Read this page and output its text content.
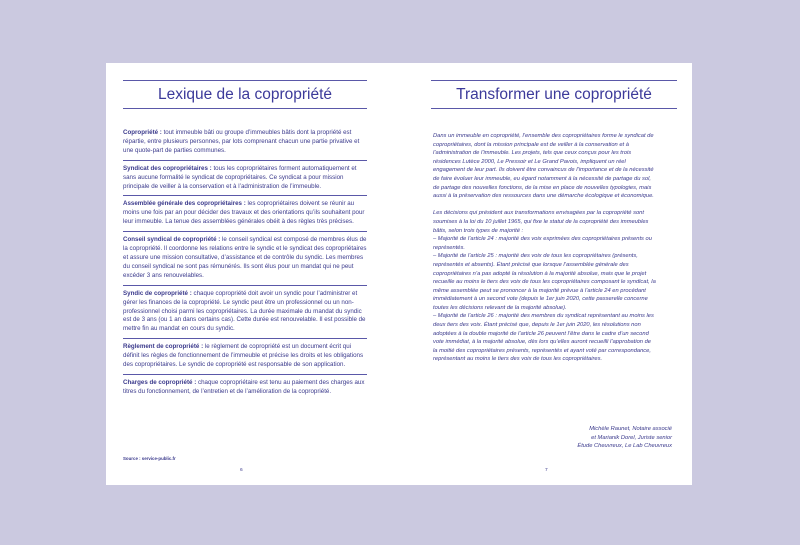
Lexique de la copropriété
Copropriété : tout immeuble bâti ou groupe d’immeubles bâtis dont la propriété est répartie, entre plusieurs personnes, par lots comprenant chacun une partie privative et une quote-part de parties communes.
Syndicat des copropriétaires : tous les copropriétaires forment automatiquement et sans aucune formalité le syndicat de copropriétaires. Ce syndicat a pour mission principale de veiller à la conservation et à l’administration de l’immeuble.
Assemblée générale des copropriétaires : les copropriétaires doivent se réunir au moins une fois par an pour décider des travaux et des orientations qu’ils souhaitent pour leur immeuble. La tenue des assemblées générales obéit à des règles très précises.
Conseil syndical de copropriété : le conseil syndical est composé de membres élus de la copropriété. Il coordonne les relations entre le syndic et le syndicat des copropriétaires et assure une mission consultative, d’assistance et de contrôle du syndic. Les membres du conseil syndical ne sont pas rémunérés. Ils sont élus pour un mandat qui ne peut excéder 3 ans renouvelables.
Syndic de copropriété : chaque copropriété doit avoir un syndic pour l’administrer et gérer les finances de la copropriété. Le syndic peut être un professionnel ou un non-professionnel choisi parmi les copropriétaires. La durée maximale du mandat du syndic est de 3 ans (ou 1 an dans certains cas). Cette durée est renouvelable. Il est possible de mettre fin au mandat en cours du syndic.
Règlement de copropriété : le règlement de copropriété est un document écrit qui définit les règles de fonctionnement de l’immeuble et précise les droits et les obligations des copropriétaires. Le syndic de copropriété est responsable de son application.
Charges de copropriété : chaque copropriétaire est tenu au paiement des charges aux titres du fonctionnement, de l’entretien et de l’amélioration de la copropriété.
Source : service-public.fr
6
Transformer une copropriété

Dans un immeuble en copropriété, l’ensemble des copropriétaires forme le syndicat de copropriétaires, dont la mission principale est de veiller à la conservation et à l’administration de l’immeuble. Les projets, tels que ceux conçus pour les trois résidences Lutèce 2000, Le Pressoir et Le Grand Pavois, impliquent un réel engagement de leur part. Ils doivent être convaincus de l’importance et de la nécessité de faire évoluer leur immeuble, eu égard notamment à la nécessité de partage du sol, de partage des nouvelles fonctions, de la mise en place de nouvelles typologies, mais aussi à la préservation des ressources dans une démarche écologique et économique.

Les décisions qui président aux transformations envisagées par la copropriété sont soumises à la loi du 10 juillet 1965, qui fixe le statut de la copropriété des immeubles bâtis, selon trois types de majorité :

– Majorité de l’article 24 : majorité des voix exprimées des copropriétaires présents ou représentés.

– Majorité de l’article 25 : majorité des voix de tous les copropriétaires (présents, représentés et absents). Étant précisé que lorsque l’assemblée générale des copropriétaires n’a pas adopté la résolution à la majorité absolue, mais que le projet recueille au moins le tiers des voix de tous les copropriétaires composant le syndicat, la même assemblée peut se prononcer à la majorité prévue à l’article 24 en procédant immédiatement à un second vote (depuis le 1er juin 2020, cette passerelle concerne toutes les décisions relevant de la majorité absolue).

– Majorité de l’article 26 : majorité des membres du syndicat représentant au moins les deux tiers des voix. Étant précisé que, depuis le 1er juin 2020, les résolutions non adoptées à la double majorité de l’article 26 peuvent l’être dans le cadre d’un second vote immédiat, à la majorité absolue, dès lors qu’elles auront recueilli l’approbation de la moitié des copropriétaires présents, représentés et ayant voté par correspondance, représentant au moins le tiers des voix de tous les copropriétaires.

Michèle Raunet, Notaire associé
et Marianik Dorel, Juriste senior
Étude Cheuvreux, Le Lab Cheuvreux
7
